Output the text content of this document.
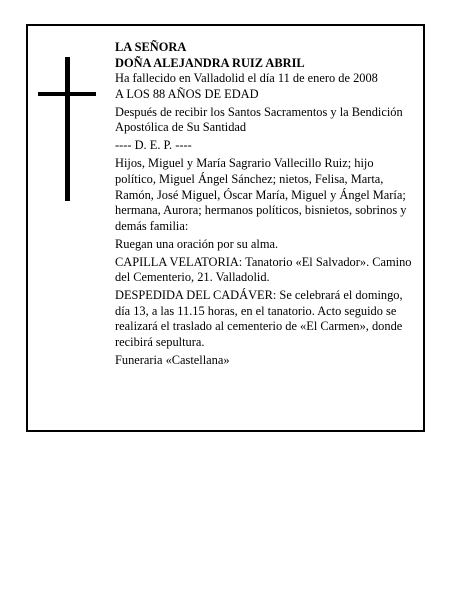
LA SEÑORA

DOÑA ALEJANDRA RUIZ ABRIL

Ha fallecido en Valladolid el día 11 de enero de 2008

A LOS 88 AÑOS DE EDAD

Después de recibir los Santos Sacramentos y la Bendición Apostólica de Su Santidad

---- D. E. P. ----

Hijos, Miguel y María Sagrario Vallecillo Ruiz; hijo político, Miguel Ángel Sánchez; nietos, Felisa, Marta, Ramón, José Miguel, Óscar María, Miguel y Ángel María; hermana, Aurora; hermanos políticos, bisnietos, sobrinos y demás familia:

Ruegan una oración por su alma.

CAPILLA VELATORIA: Tanatorio «El Salvador». Camino del Cementerio, 21. Valladolid.

DESPEDIDA DEL CADÁVER: Se celebrará el domingo, día 13, a las 11.15 horas, en el tanatorio. Acto seguido se realizará el traslado al cementerio de «El Carmen», donde recibirá sepultura.

Funeraria «Castellana»
